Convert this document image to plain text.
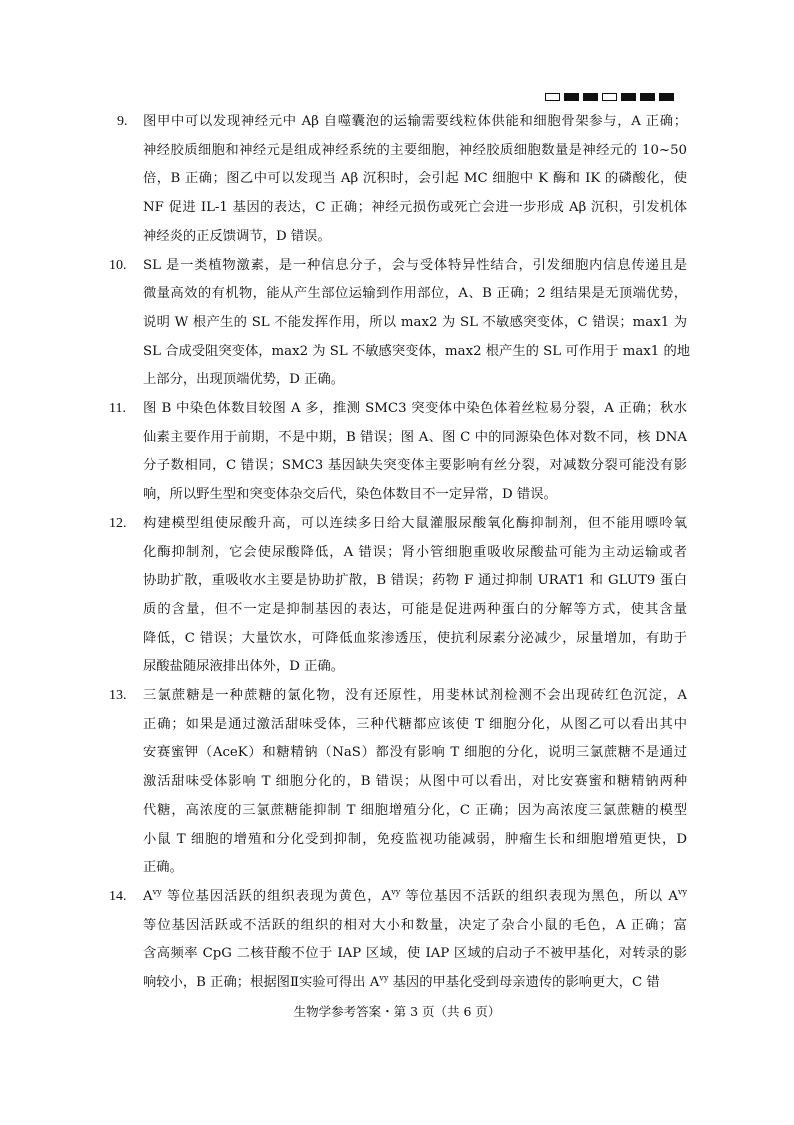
9. 图甲中可以发现神经元中 Aβ 自噬囊泡的运输需要线粒体供能和细胞骨架参与，A 正确；
神经胶质细胞和神经元是组成神经系统的主要细胞，神经胶质细胞数量是神经元的 10~50
倍，B 正确；图乙中可以发现当 Aβ 沉积时，会引起 MC 细胞中 K 酶和 IK 的磷酸化，使
NF 促进 IL-1 基因的表达，C 正确；神经元损伤或死亡会进一步形成 Aβ 沉积，引发机体
神经炎的正反馈调节，D 错误。
10. SL 是一类植物激素，是一种信息分子，会与受体特异性结合，引发细胞内信息传递且是
微量高效的有机物，能从产生部位运输到作用部位，A、B 正确；2 组结果是无顶端优势，
说明 W 根产生的 SL 不能发挥作用，所以 max2 为 SL 不敏感突变体，C 错误；max1 为
SL 合成受阻突变体，max2 为 SL 不敏感突变体，max2 根产生的 SL 可作用于 max1 的地
上部分，出现顶端优势，D 正确。
11. 图 B 中染色体数目较图 A 多，推测 SMC3 突变体中染色体着丝粒易分裂，A 正确；秋水
仙素主要作用于前期，不是中期，B 错误；图 A、图 C 中的同源染色体对数不同，核 DNA
分子数相同，C 错误；SMC3 基因缺失突变体主要影响有丝分裂，对减数分裂可能没有影
响，所以野生型和突变体杂交后代，染色体数目不一定异常，D 错误。
12. 构建模型组使尿酸升高，可以连续多日给大鼠灌服尿酸氧化酶抑制剂，但不能用嘌呤氧
化酶抑制剂，它会使尿酸降低，A 错误；肾小管细胞重吸收尿酸盐可能为主动运输或者
协助扩散，重吸收水主要是协助扩散，B 错误；药物 F 通过抑制 URAT1 和 GLUT9 蛋白
质的含量，但不一定是抑制基因的表达，可能是促进两种蛋白的分解等方式，使其含量
降低，C 错误；大量饮水，可降低血浆渗透压，使抗利尿素分泌减少，尿量增加，有助于
尿酸盐随尿液排出体外，D 正确。
13. 三氯蔗糖是一种蔗糖的氯化物，没有还原性，用斐林试剂检测不会出现砖红色沉淀，A
正确；如果是通过激活甜味受体，三种代糖都应该使 T 细胞分化，从图乙可以看出其中
安赛蜜钾（AceK）和糖精钠（NaS）都没有影响 T 细胞的分化，说明三氯蔗糖不是通过
激活甜味受体影响 T 细胞分化的，B 错误；从图中可以看出，对比安赛蜜和糖精钠两种
代糖，高浓度的三氯蔗糖能抑制 T 细胞增殖分化，C 正确；因为高浓度三氯蔗糖的模型
小鼠 T 细胞的增殖和分化受到抑制，免疫监视功能减弱，肿瘤生长和细胞增殖更快，D
正确。
14. $A^{vy}$ 等位基因活跃的组织表现为黄色，$A^{vy}$ 等位基因不活跃的组织表现为黑色，所以 $A^{vy}$
等位基因活跃或不活跃的组织的相对大小和数量，决定了杂合小鼠的毛色，A 正确；富
含高频率 CpG 二核苷酸不位于 IAP 区域，使 IAP 区域的启动子不被甲基化，对转录的影
响较小，B 正确；根据图Ⅱ实验可得出 $A^{vy}$ 基因的甲基化受到母亲遗传的影响更大，C 错
生物学参考答案・第 3 页（共 6 页）
